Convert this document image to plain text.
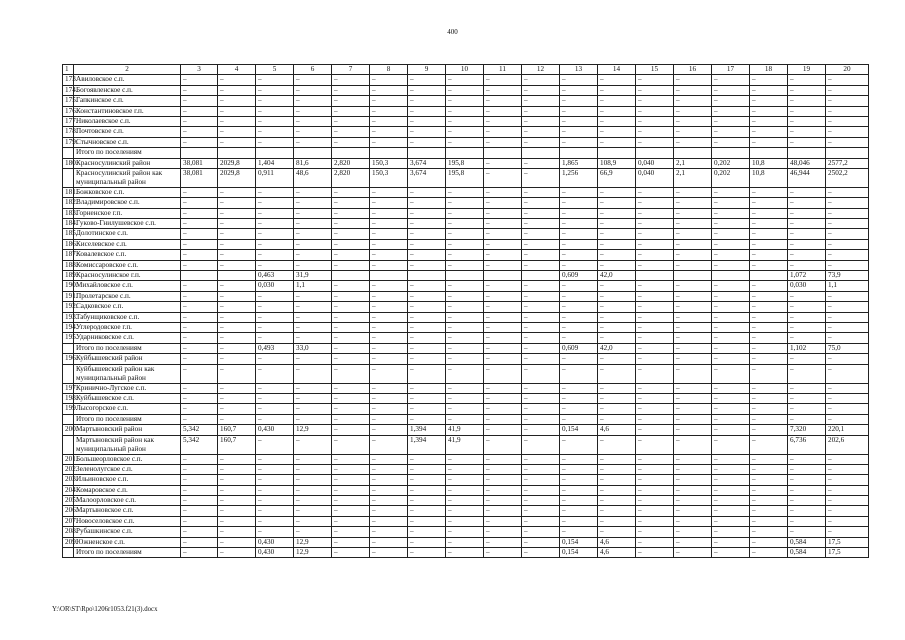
400
1	2	3	4	5	6	7	8	9	10	11	12	13	14	15	16	17	18	19	20
173.	Авиловское с.п.	–	–	–	–	–	–	–	–	–	–	–	–	–	–	–	–	–	–
174.	Богоявленское с.п.	–	–	–	–	–	–	–	–	–	–	–	–	–	–	–	–	–	–
175.	Гапкинское с.п.	–	–	–	–	–	–	–	–	–	–	–	–	–	–	–	–	–	–
176.	Константиновское г.п.	–	–	–	–	–	–	–	–	–	–	–	–	–	–	–	–	–	–
177.	Николаевское с.п.	–	–	–	–	–	–	–	–	–	–	–	–	–	–	–	–	–	–
178.	Почтовское с.п.	–	–	–	–	–	–	–	–	–	–	–	–	–	–	–	–	–	–
179.	Стычновское с.п.	–	–	–	–	–	–	–	–	–	–	–	–	–	–	–	–	–	–
	Итого по поселениям																		
180.	Красносулинский район	38,081	2029,8	1,404	81,6	2,820	150,3	3,674	195,8	–	–	1,865	108,9	0,040	2,1	0,202	10,8	48,046	2577,2
	Красносулинский район как муниципальный район	38,081	2029,8	0,911	48,6	2,820	150,3	3,674	195,8	–	–	1,256	66,9	0,040	2,1	0,202	10,8	46,944	2502,2
181.	Божковское с.п.	–	–	–	–	–	–	–	–	–	–	–	–	–	–	–	–	–	–
182.	Владимировское с.п.	–	–	–	–	–	–	–	–	–	–	–	–	–	–	–	–	–	–
183.	Горненское г.п.	–	–	–	–	–	–	–	–	–	–	–	–	–	–	–	–	–	–
184.	Гуково-Гнилушевское с.п.	–	–	–	–	–	–	–	–	–	–	–	–	–	–	–	–	–	–
185.	Долотинское с.п.	–	–	–	–	–	–	–	–	–	–	–	–	–	–	–	–	–	–
186.	Киселевское с.п.	–	–	–	–	–	–	–	–	–	–	–	–	–	–	–	–	–	–
187.	Ковалевское с.п.	–	–	–	–	–	–	–	–	–	–	–	–	–	–	–	–	–	–
188.	Комиссаровское с.п.	–	–	–	–	–	–	–	–	–	–	–	–	–	–	–	–	–	–
189.	Красносулинское г.п.			0,463	31,9							0,609	42,0					1,072	73,9
190.	Михайловское с.п.	–	–	0,030	1,1	–	–	–	–	–	–	–	–	–	–	–	–	0,030	1,1
191.	Пролетарское с.п.	–	–	–	–	–	–	–	–	–	–	–	–	–	–	–	–	–	–
192.	Садковское с.п.	–	–	–	–	–	–	–	–	–	–	–	–	–	–	–	–	–	–
193.	Табунщиковское с.п.	–	–	–	–	–	–	–	–	–	–	–	–	–	–	–	–	–	–
194.	Углеродовское г.п.	–	–	–	–	–	–	–	–	–	–	–	–	–	–	–	–	–	–
195.	Ударниковское с.п.	–	–	–	–	–	–	–	–	–	–	–	–	–	–	–	–	–	–
	Итого по поселениям	–	–	0,493	33,0	–	–	–	–	–	–	0,609	42,0	–	–	–	–	1,102	75,0
196.	Куйбышевский район	–	–	–	–	–	–	–	–	–	–	–	–	–	–	–	–	–	–
	Куйбышевский район как муниципальный район	–	–	–	–	–	–	–	–	–	–	–	–	–	–	–	–	–	–
197.	Кринично-Лугское с.п.	–	–	–	–	–	–	–	–	–	–	–	–	–	–	–	–	–	–
198.	Куйбышевское с.п.	–	–	–	–	–	–	–	–	–	–	–	–	–	–	–	–	–	–
199.	Лысогорское с.п.	–	–	–	–	–	–	–	–	–	–	–	–	–	–	–	–	–	–
	Итого по поселениям	–	–	–	–	–	–	–	–	–	–	–	–	–	–	–	–	–	–
200.	Мартыновский район	5,342	160,7	0,430	12,9	–	–	1,394	41,9	–	–	0,154	4,6	–	–	–	–	7,320	220,1
	Мартыновский район как муниципальный район	5,342	160,7	–	–	–	–	1,394	41,9	–	–	–	–	–	–	–	–	6,736	202,6
201.	Большеорловское с.п.	–	–	–	–	–	–	–	–	–	–	–	–	–	–	–	–	–	–
202.	Зеленолугское с.п.	–	–	–	–	–	–	–	–	–	–	–	–	–	–	–	–	–	–
203.	Ильиновское с.п.	–	–	–	–	–	–	–	–	–	–	–	–	–	–	–	–	–	–
204.	Комаровское с.п.	–	–	–	–	–	–	–	–	–	–	–	–	–	–	–	–	–	–
205.	Малоорловское с.п.	–	–	–	–	–	–	–	–	–	–	–	–	–	–	–	–	–	–
206.	Мартыновское с.п.	–	–	–	–	–	–	–	–	–	–	–	–	–	–	–	–	–	–
207.	Новоселовское с.п.	–	–	–	–	–	–	–	–	–	–	–	–	–	–	–	–	–	–
208.	Рубашкинское с.п.	–	–	–	–	–	–	–	–	–	–	–	–	–	–	–	–	–	–
209.	Южненское с.п.	–	–	0,430	12,9	–	–	–	–	–	–	0,154	4,6	–	–	–	–	0,584	17,5
	Итого по поселениям	–	–	0,430	12,9	–	–	–	–	–	–	0,154	4,6	–	–	–	–	0,584	17,5
Y:\OR\ST\Rpo\1206r1053.f21(3).docx
